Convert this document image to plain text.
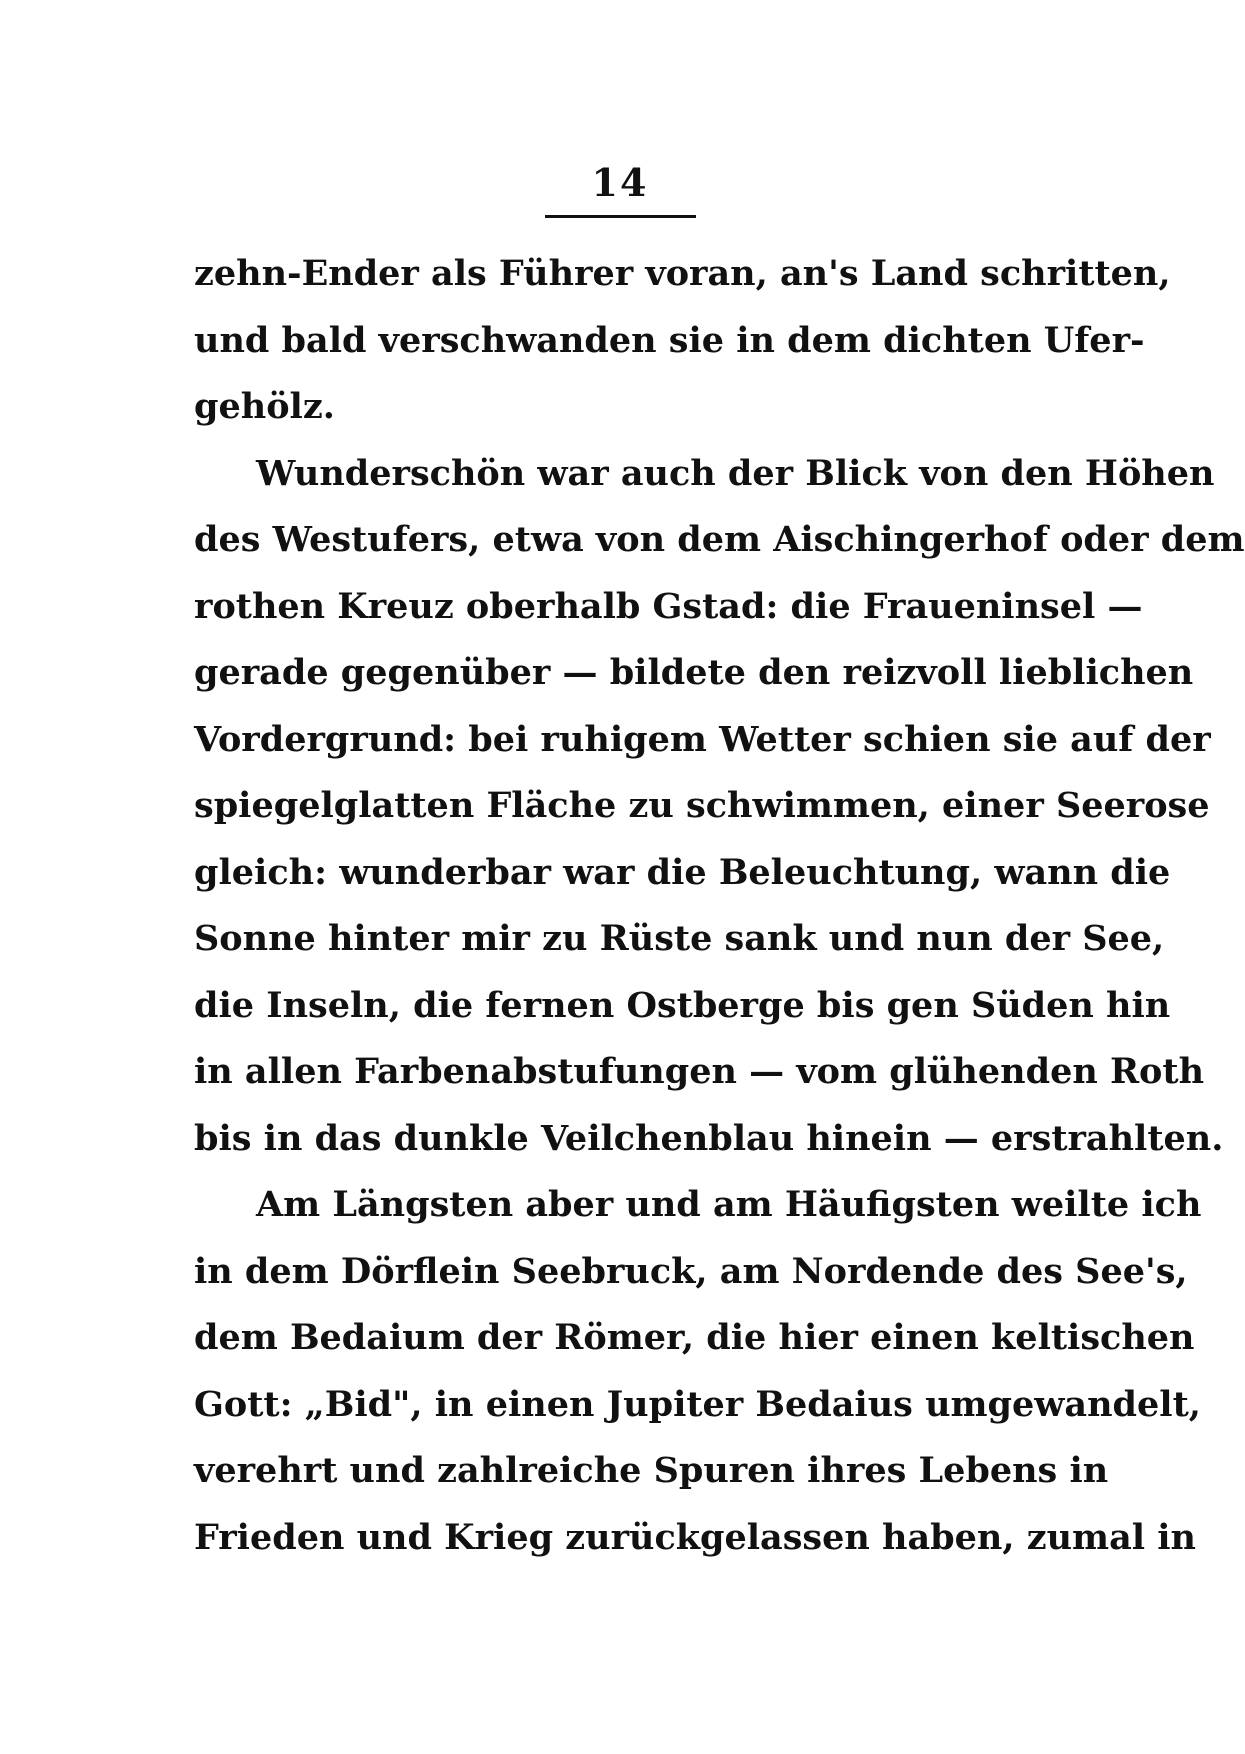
14
zehn-Ender als Führer voran, an's Land schritten,
und bald verschwanden sie in dem dichten Ufer-
gehölz.
Wunderschön war auch der Blick von den Höhen
des Westufers, etwa von dem Aischingerhof oder dem
rothen Kreuz oberhalb Gstad: die Fraueninsel —
gerade gegenüber — bildete den reizvoll lieblichen
Vordergrund: bei ruhigem Wetter schien sie auf der
spiegelglatten Fläche zu schwimmen, einer Seerose
gleich: wunderbar war die Beleuchtung, wann die
Sonne hinter mir zu Rüste sank und nun der See,
die Inseln, die fernen Ostberge bis gen Süden hin
in allen Farbenabstufungen — vom glühenden Roth
bis in das dunkle Veilchenblau hinein — erstrahlten.
Am Längsten aber und am Häufigsten weilte ich
in dem Dörflein Seebruck, am Nordende des See's,
dem Bedaium der Römer, die hier einen keltischen
Gott: „Bid", in einen Jupiter Bedaius umgewandelt,
verehrt und zahlreiche Spuren ihres Lebens in
Frieden und Krieg zurückgelassen haben, zumal in
